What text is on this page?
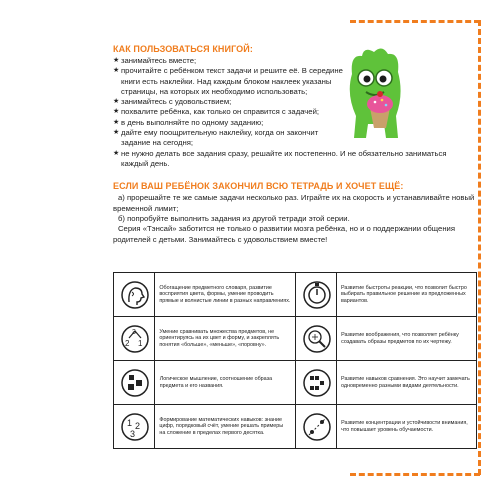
КАК ПОЛЬЗОВАТЬСЯ КНИГОЙ:
★ занимайтесь вместе;
★ прочитайте с ребёнком текст задачи и решите её. В середине книги есть наклейки. Над каждым блоком наклеек указаны страницы, на которых их необходимо использовать;
★ занимайтесь с удовольствием;
★ похвалите ребёнка, как только он справится с задачей;
★ в день выполняйте по одному заданию;
★ дайте ему поощрительную наклейку, когда он закончит задание на сегодня;
★ не нужно делать все задания сразу, решайте их постепенно. И не обязательно заниматься каждый день.
ЕСЛИ ВАШ РЕБЁНОК ЗАКОНЧИЛ ВСЮ ТЕТРАДЬ И ХОЧЕТ ЕЩЁ:

а) прорешайте те же самые задачи несколько раз. Играйте их на скорость и устанавливайте новый временной лимит;

б) попробуйте выполнить задания из другой тетради этой серии.

Серия «Тэнсай» заботится не только о развитии мозга ребёнка, но и о поддержании общения родителей с детьми. Занимайтесь с удовольствием вместе!

Обогащение предметного словаря, развитие восприятия цвета, формы, умение проводить прямые и волнистые линии в разных направлениях.
Развитие быстроты реакции, что позволит быстро выбирать правильное решение из предложенных вариантов.
3
2 1
Умение сравнивать множества предметов, не ориентируясь на их цвет и форму, и закреплять понятия «больше», «меньше», «поровну».
Развитие воображения, что позволяет ребёнку создавать образы предметов по их чертежу.
Логическое мышление, соотношение образа предмета и его названия.
Развитие навыков сравнения. Это научит замечать одновременно разными видами деятельности.
1 2
3
Формирование математических навыков: знание цифр, порядковый счёт, умение решать примеры на сложение в пределах первого десятка.
Развитие концентрации и устойчивости внимания, что повышает уровень обучаемости.
